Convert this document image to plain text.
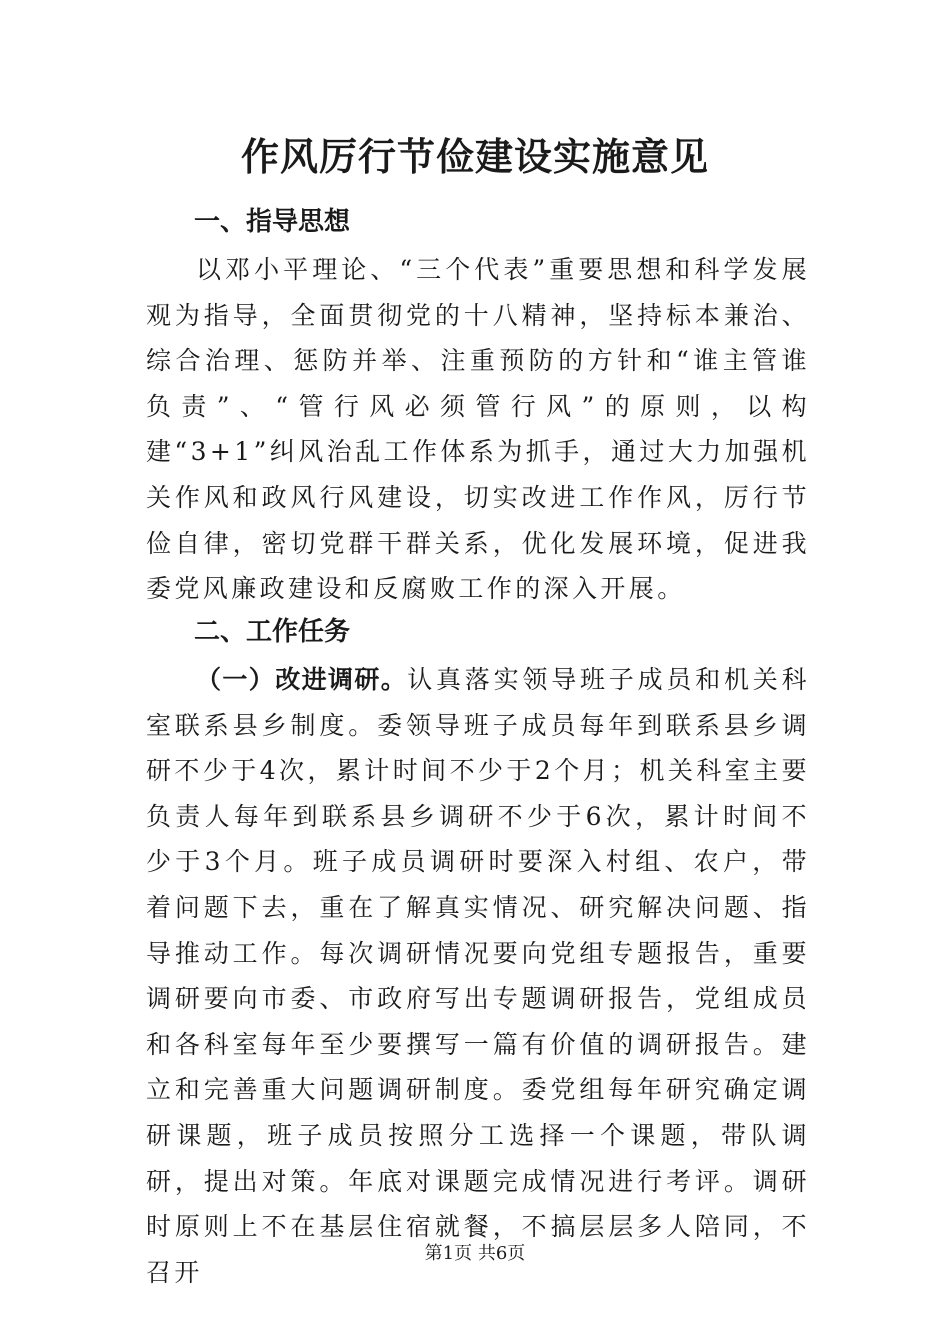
作风厉行节俭建设实施意见
一、指导思想

以邓小平理论、“三个代表”重要思想和科学发展观为指导，全面贯彻党的十八精神，坚持标本兼治、综合治理、惩防并举、注重预防的方针和“谁主管谁负责”、“管行风必须管行风”的原则，以构建“3+1”纠风治乱工作体系为抓手，通过大力加强机关作风和政风行风建设，切实改进工作作风，厉行节俭自律，密切党群干群关系，优化发展环境，促进我委党风廉政建设和反腐败工作的深入开展。

二、工作任务

（一）改进调研。认真落实领导班子成员和机关科室联系县乡制度。委领导班子成员每年到联系县乡调研不少于4次，累计时间不少于2个月；机关科室主要负责人每年到联系县乡调研不少于6次，累计时间不少于3个月。班子成员调研时要深入村组、农户，带着问题下去，重在了解真实情况、研究解决问题、指导推动工作。每次调研情况要向党组专题报告，重要调研要向市委、市政府写出专题调研报告，党组成员和各科室每年至少要撰写一篇有价值的调研报告。建立和完善重大问题调研制度。委党组每年研究确定调研课题，班子成员按照分工选择一个课题，带队调研，提出对策。年底对课题完成情况进行考评。调研时原则上不在基层住宿就餐，不搞层层多人陪同，不召开

第1页 共6页
